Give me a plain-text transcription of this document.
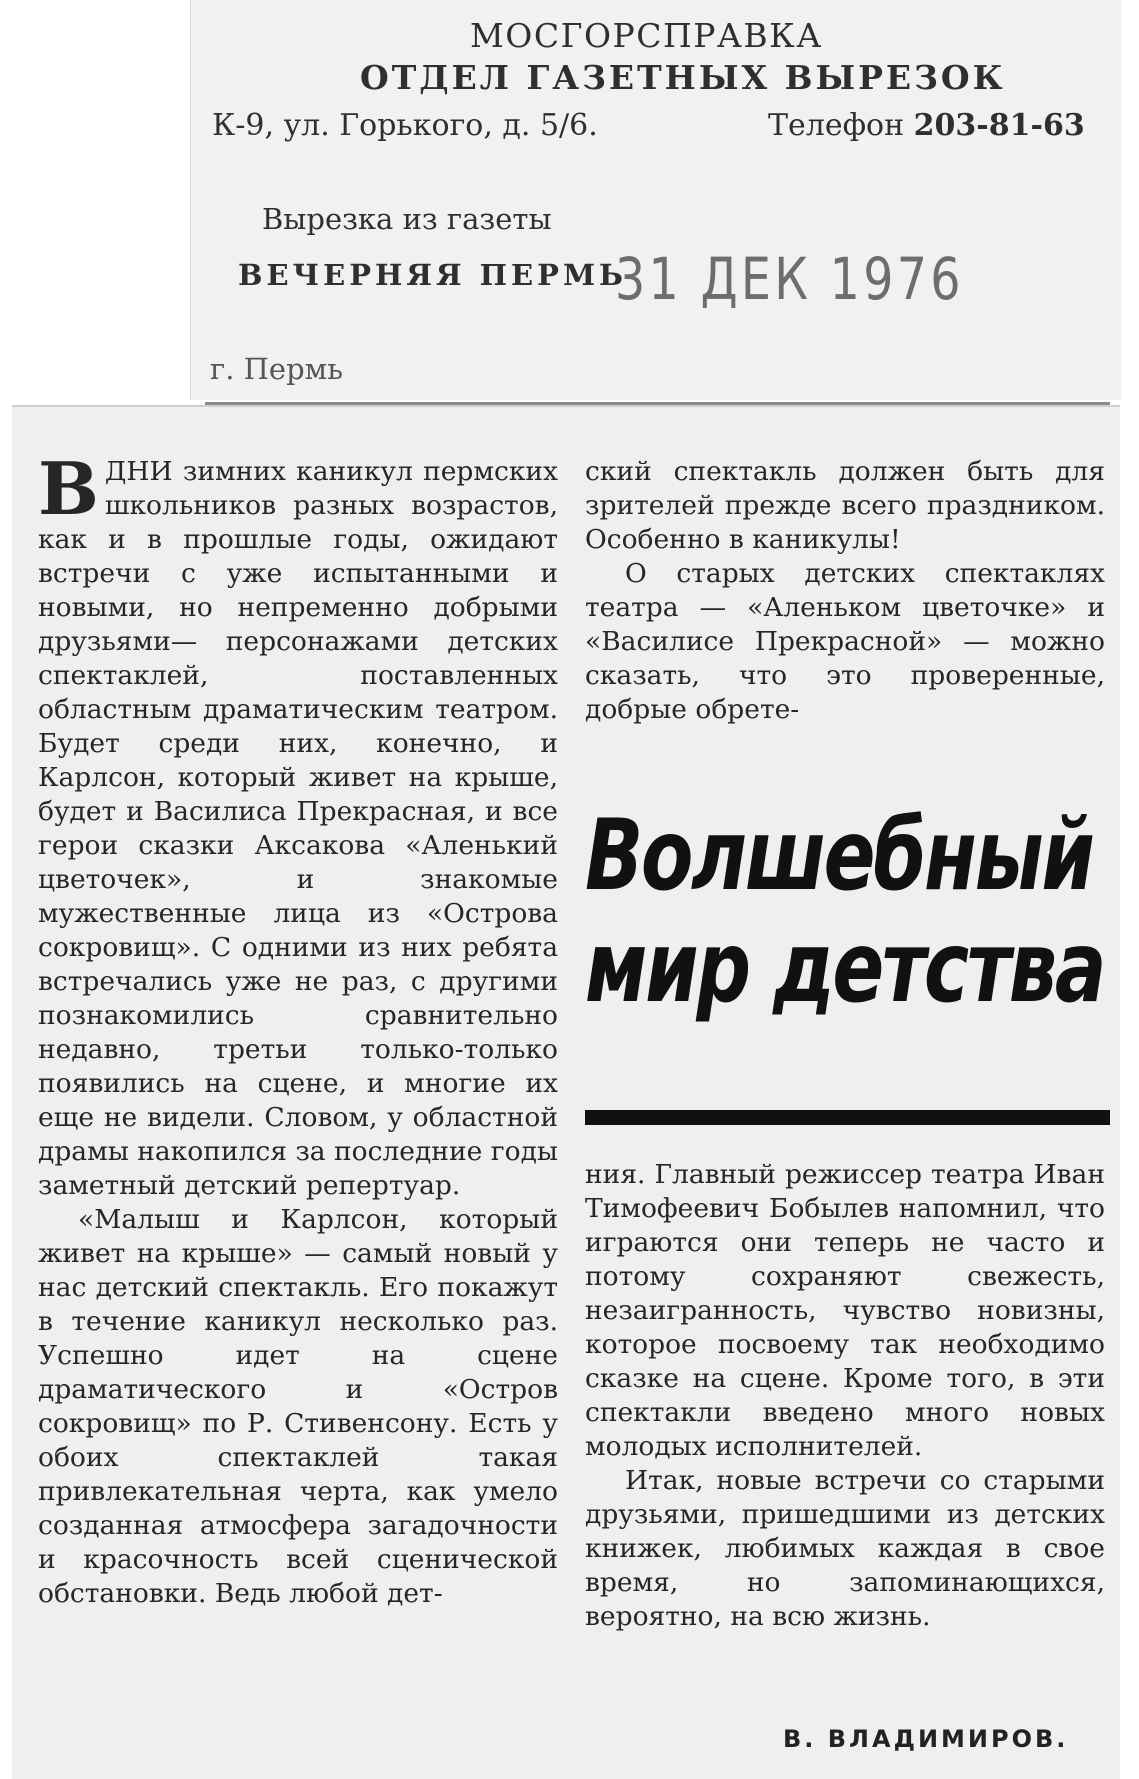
МОСГОРСПРАВКА
ОТДЕЛ ГАЗЕТНЫХ ВЫРЕЗОК
К-9, ул. Горького, д. 5/6.	Телефон 203-81-63
Вырезка из газеты
ВЕЧЕРНЯЯ ПЕРМЬ
31 ДЕК 1976
г. Пермь

ВДНИ зимних каникул пермских школьников разных возрастов, как и в прошлые годы, ожидают встречи с уже испытанными и новыми, но непременно добрыми друзьями— персонажами детских спектаклей, поставленных областным драматическим театром. Будет среди них, конечно, и Карлсон, который живет на крыше, будет и Василиса Прекрасная, и все герои сказки Аксакова «Аленький цветочек», и знакомые мужественные лица из «Острова сокровищ». С одними из них ребята встречались уже не раз, с другими познакомились сравнительно недавно, третьи только-только появились на сцене, и многие их еще не видели. Словом, у областной драмы накопился за последние годы заметный детский репертуар.

«Малыш и Карлсон, который живет на крыше» — самый новый у нас детский спектакль. Его покажут в течение каникул несколько раз. Успешно идет на сцене драматического и «Остров сокровищ» по Р. Стивенсону. Есть у обоих спектаклей такая привлекательная черта, как умело созданная атмосфера загадочности и красочность всей сценической обстановки. Ведь любой дет-

ский спектакль должен быть для зрителей прежде всего праздником. Особенно в каникулы!

О старых детских спектаклях театра — «Аленьком цветочке» и «Василисе Прекрасной» — можно сказать, что это проверенные, добрые обрете-

Волшебный
мир детства

ния. Главный режиссер театра Иван Тимофеевич Бобылев напомнил, что играются они теперь не часто и потому сохраняют свежесть, незаигранность, чувство новизны, которое посвоему так необходимо сказке на сцене. Кроме того, в эти спектакли введено много новых молодых исполнителей.

Итак, новые встречи со старыми друзьями, пришедшими из детских книжек, любимых каждая в свое время, но запоминающихся, вероятно, на всю жизнь.

В. ВЛАДИМИРОВ.
